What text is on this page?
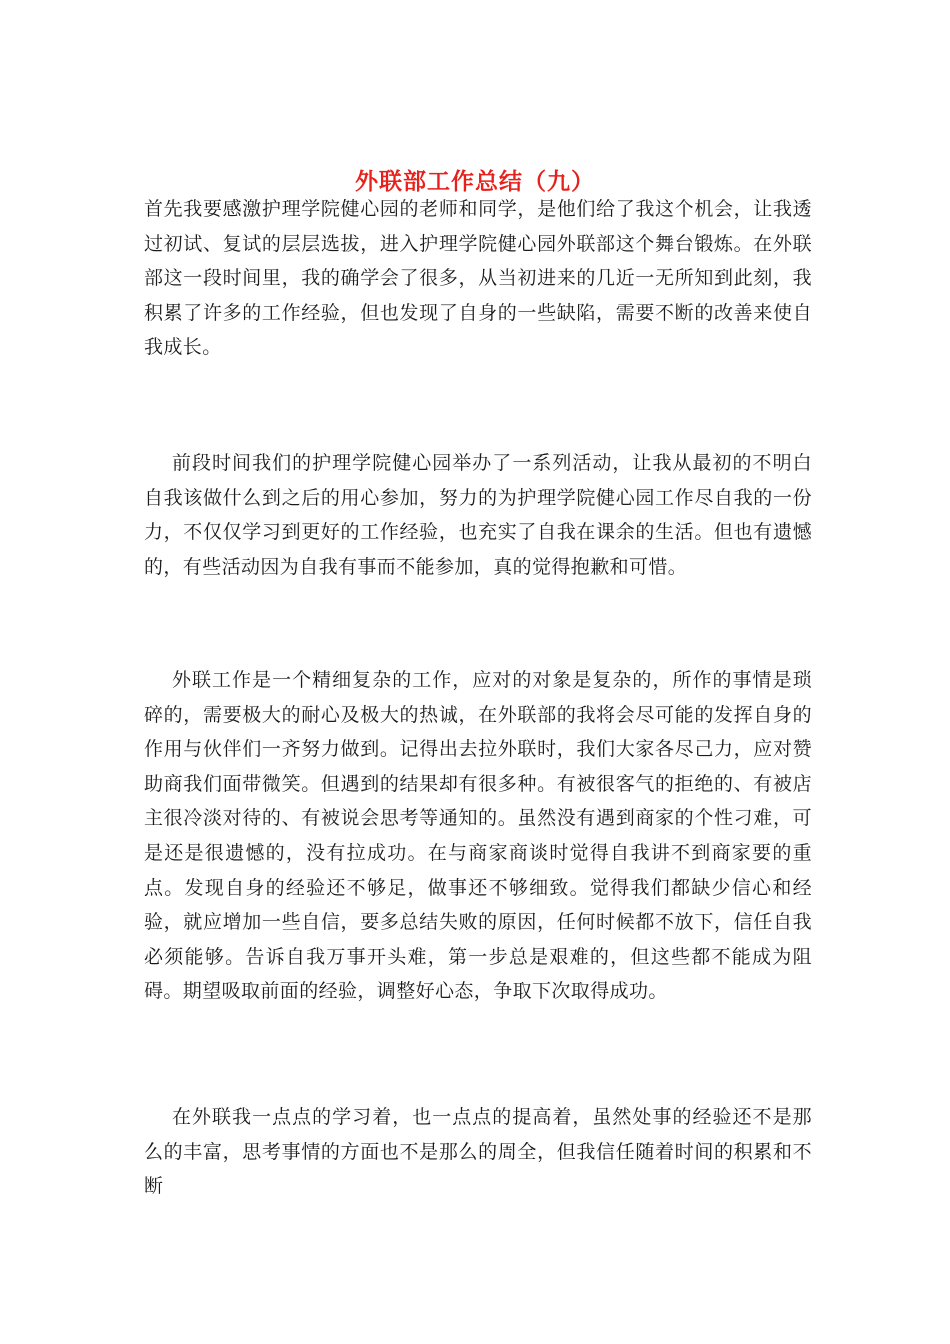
外联部工作总结（九）

首先我要感激护理学院健心园的老师和同学，是他们给了我这个机会，让我透过初试、复试的层层选拔，进入护理学院健心园外联部这个舞台锻炼。在外联部这一段时间里，我的确学会了很多，从当初进来的几近一无所知到此刻，我积累了许多的工作经验，但也发现了自身的一些缺陷，需要不断的改善来使自我成长。

前段时间我们的护理学院健心园举办了一系列活动，让我从最初的不明白自我该做什么到之后的用心参加，努力的为护理学院健心园工作尽自我的一份力，不仅仅学习到更好的工作经验，也充实了自我在课余的生活。但也有遗憾的，有些活动因为自我有事而不能参加，真的觉得抱歉和可惜。

外联工作是一个精细复杂的工作，应对的对象是复杂的，所作的事情是琐碎的，需要极大的耐心及极大的热诚，在外联部的我将会尽可能的发挥自身的作用与伙伴们一齐努力做到。记得出去拉外联时，我们大家各尽己力，应对赞助商我们面带微笑。但遇到的结果却有很多种。有被很客气的拒绝的、有被店主很冷淡对待的、有被说会思考等通知的。虽然没有遇到商家的个性刁难，可是还是很遗憾的，没有拉成功。在与商家商谈时觉得自我讲不到商家要的重点。发现自身的经验还不够足，做事还不够细致。觉得我们都缺少信心和经验，就应增加一些自信，要多总结失败的原因，任何时候都不放下，信任自我必须能够。告诉自我万事开头难，第一步总是艰难的，但这些都不能成为阻碍。期望吸取前面的经验，调整好心态，争取下次取得成功。

在外联我一点点的学习着，也一点点的提高着，虽然处事的经验还不是那么的丰富，思考事情的方面也不是那么的周全，但我信任随着时间的积累和不断
